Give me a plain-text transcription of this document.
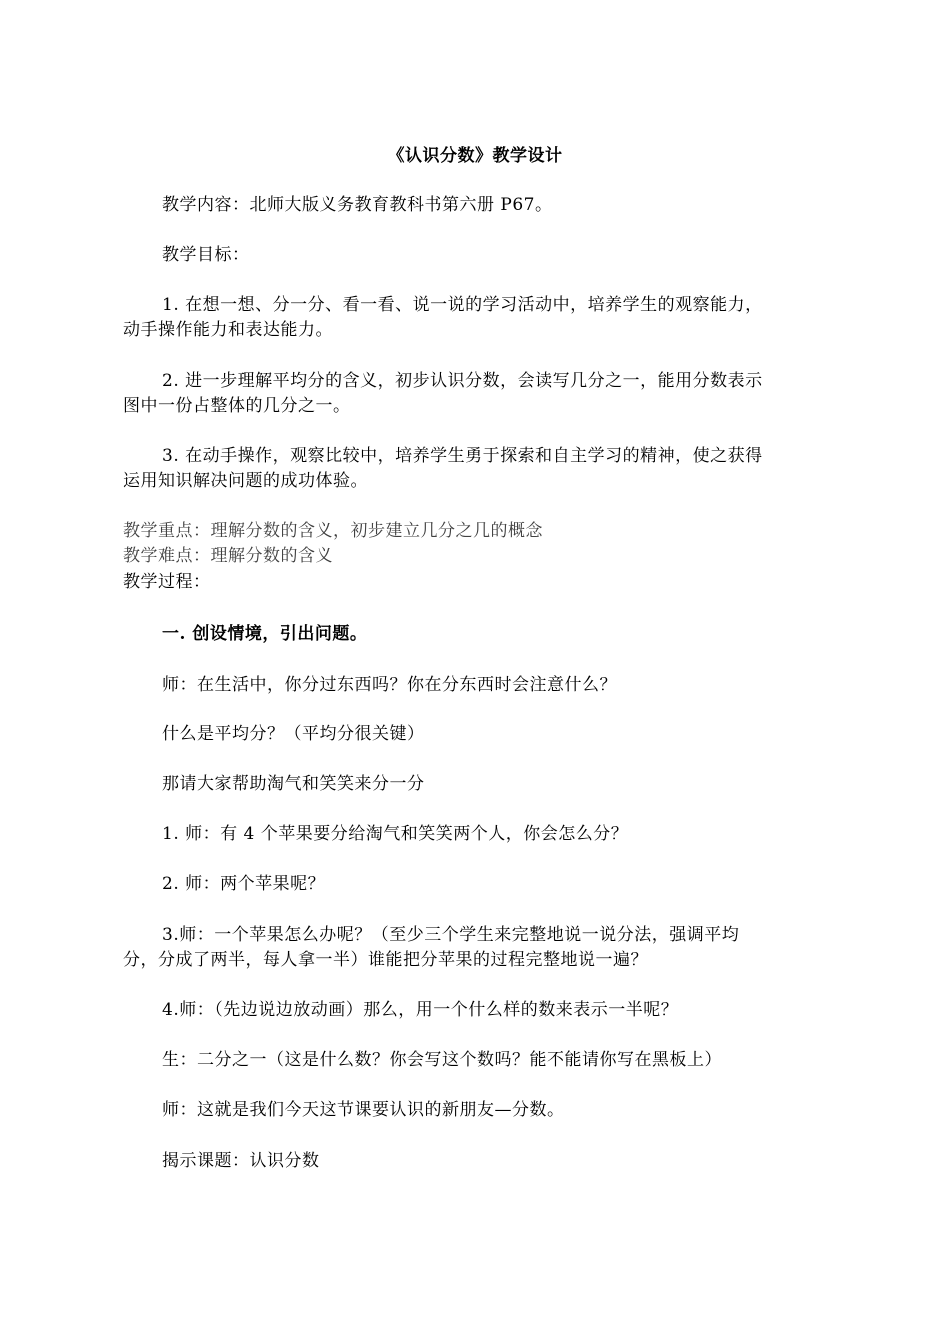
《认识分数》教学设计
教学内容：北师大版义务教育教科书第六册 P67。
教学目标：
1. 在想一想、分一分、看一看、说一说的学习活动中，培养学生的观察能力，
动手操作能力和表达能力。
2. 进一步理解平均分的含义，初步认识分数，会读写几分之一，能用分数表示
图中一份占整体的几分之一。
3. 在动手操作，观察比较中，培养学生勇于探索和自主学习的精神，使之获得
运用知识解决问题的成功体验。
教学重点：理解分数的含义，初步建立几分之几的概念
教学难点：理解分数的含义
教学过程：
一. 创设情境，引出问题。
师：在生活中，你分过东西吗？你在分东西时会注意什么？
什么是平均分？（平均分很关键）
那请大家帮助淘气和笑笑来分一分
1. 师：有 4 个苹果要分给淘气和笑笑两个人，你会怎么分？
2. 师：两个苹果呢？
3.师：一个苹果怎么办呢？（至少三个学生来完整地说一说分法，强调平均
分，分成了两半，每人拿一半）谁能把分苹果的过程完整地说一遍？
4.师：（先边说边放动画）那么，用一个什么样的数来表示一半呢？
生：二分之一（这是什么数？你会写这个数吗？能不能请你写在黑板上）
师：这就是我们今天这节课要认识的新朋友—分数。
揭示课题：认识分数
